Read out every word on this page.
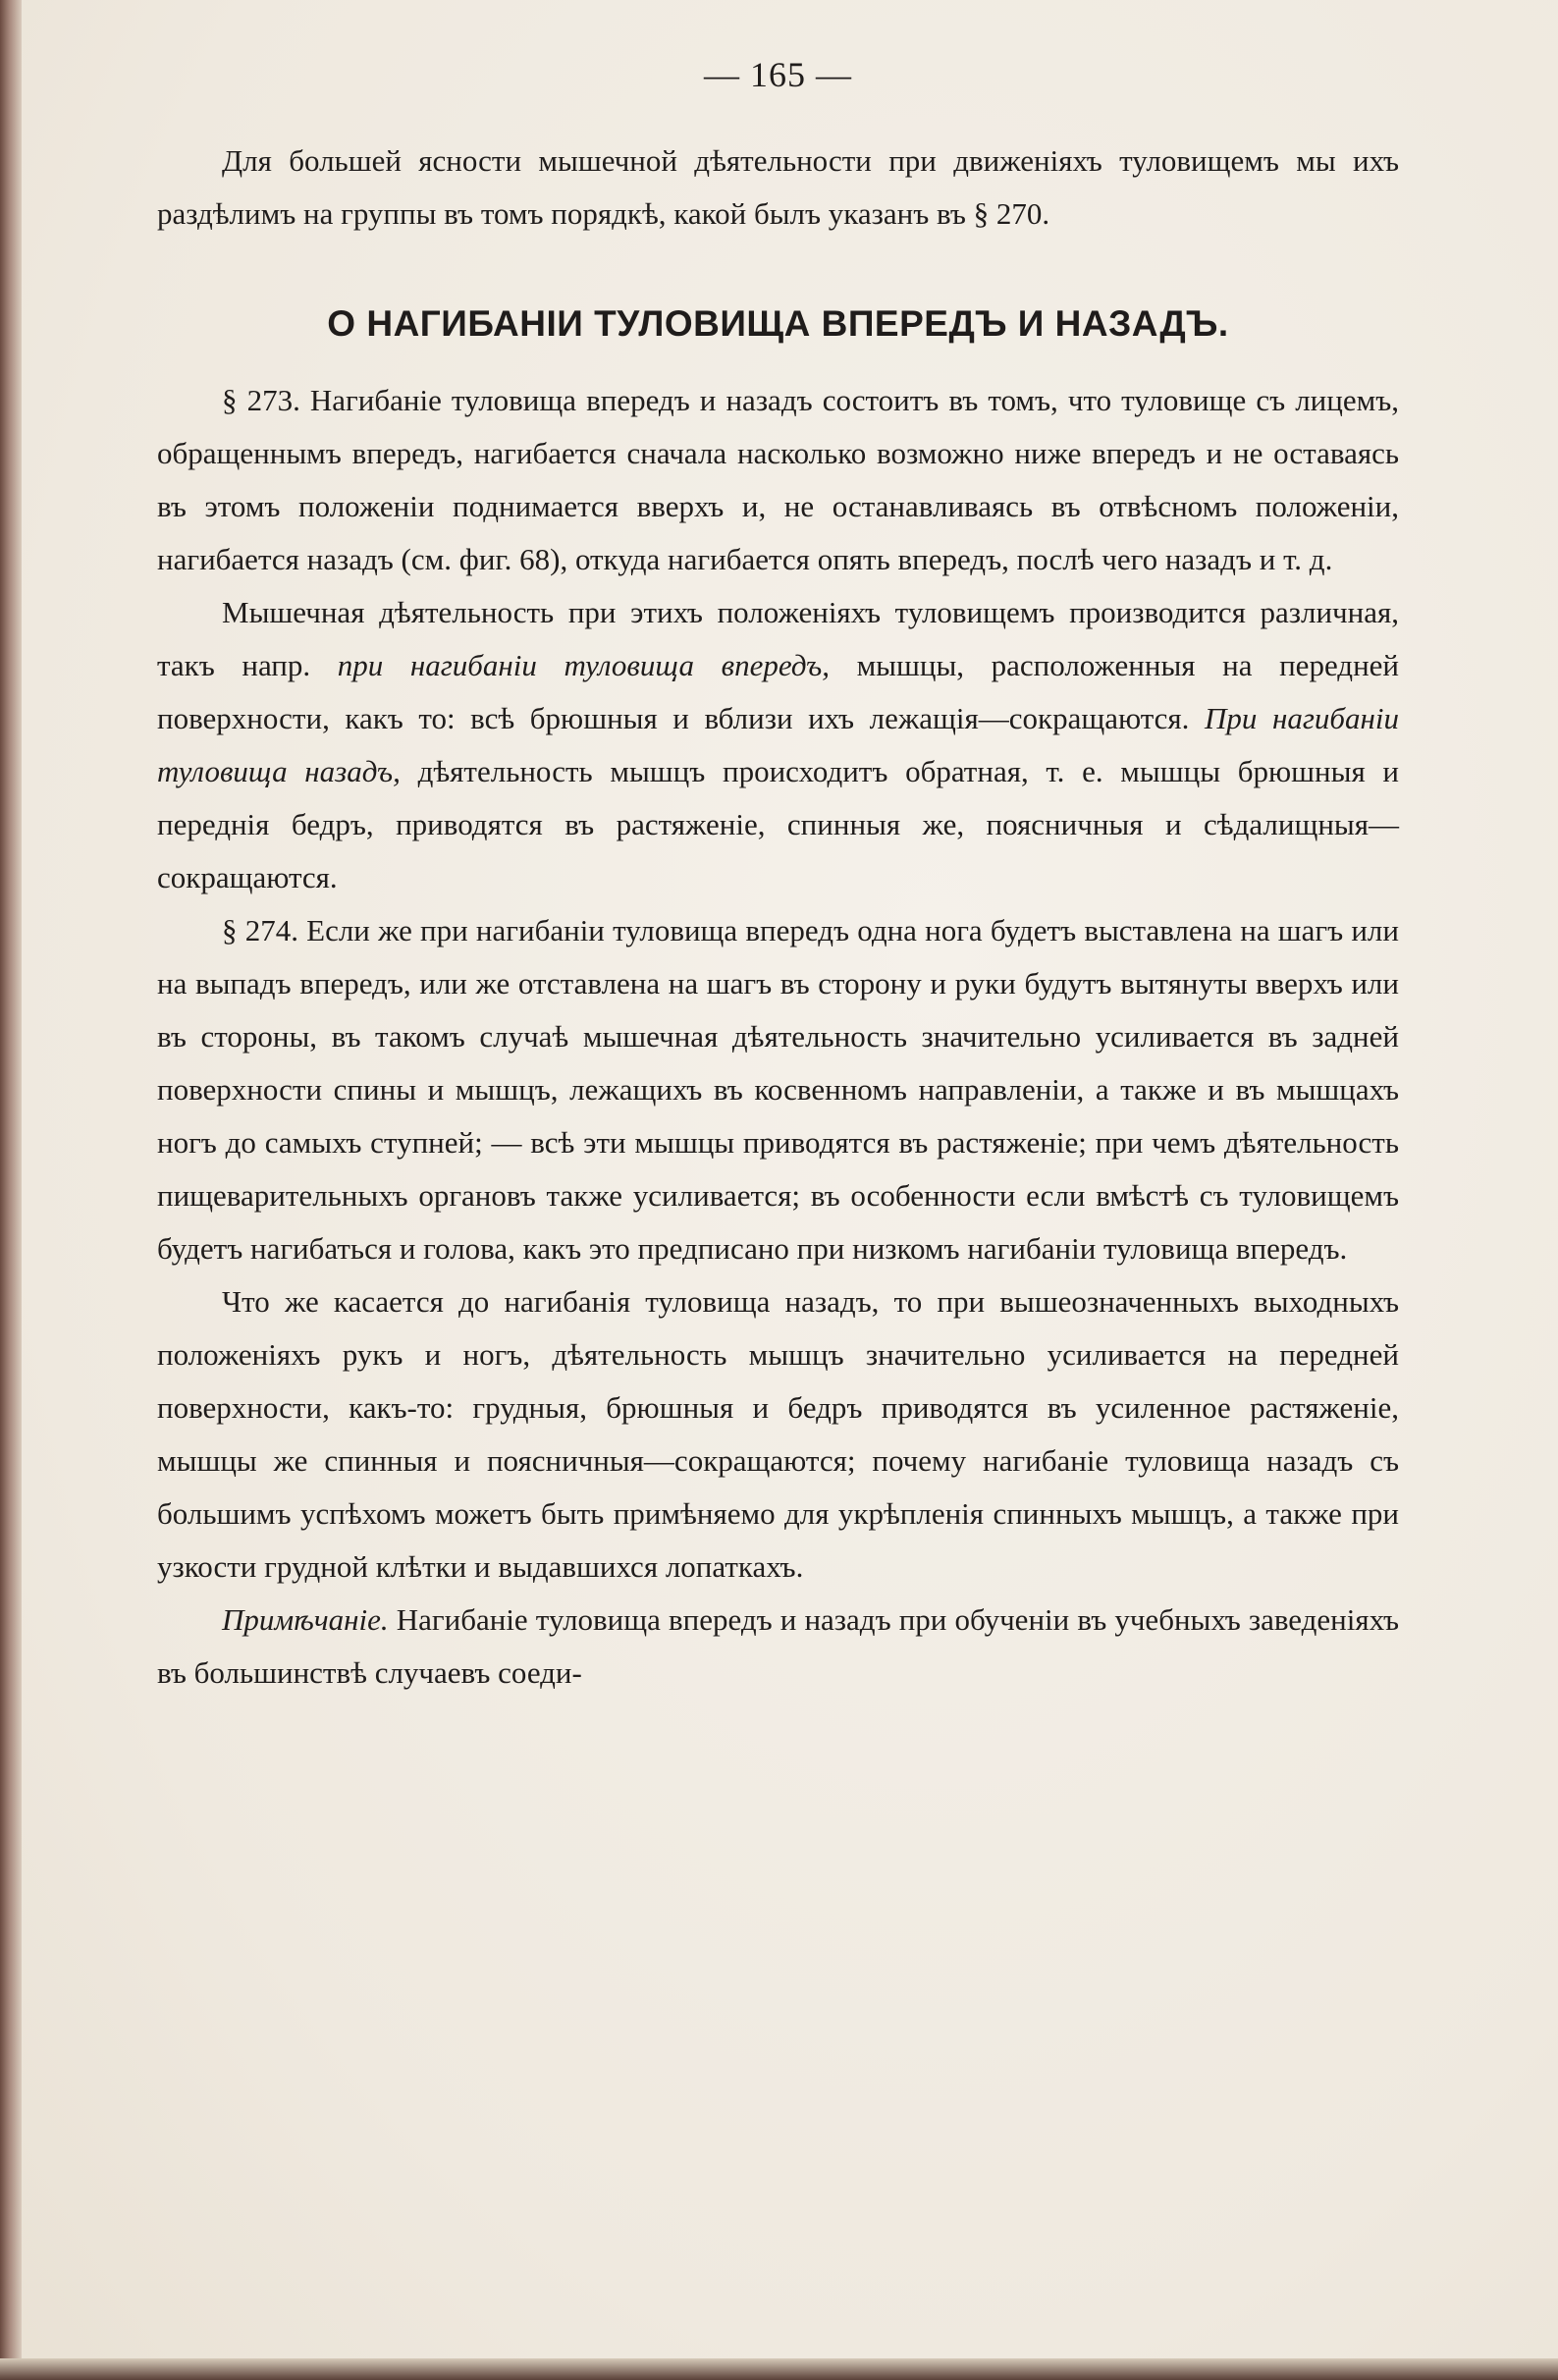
— 165 —

Для большей ясности мышечной дѣятельности при движеніяхъ туловищемъ мы ихъ раздѣлимъ на группы въ томъ порядкѣ, какой былъ указанъ въ § 270.

О НАГИБАНІИ ТУЛОВИЩА ВПЕРЕДЪ И НАЗАДЪ.

§ 273. Нагибаніе туловища впередъ и назадъ состоитъ въ томъ, что туловище съ лицемъ, обращеннымъ впередъ, нагибается сначала насколько возможно ниже впередъ и не оставаясь въ этомъ положеніи поднимается вверхъ и, не останавливаясь въ отвѣсномъ положеніи, нагибается назадъ (см. фиг. 68), откуда нагибается опять впередъ, послѣ чего назадъ и т. д.

Мышечная дѣятельность при этихъ положеніяхъ туловищемъ производится различная, такъ напр. при нагибаніи туловища впередъ, мышцы, расположенныя на передней поверхности, какъ то: всѣ брюшныя и вблизи ихъ лежащія—сокращаются. При нагибаніи туловища назадъ, дѣятельность мышцъ происходитъ обратная, т. е. мышцы брюшныя и переднія бедръ, приводятся въ растяженіе, спинныя же, поясничныя и сѣдалищныя—сокращаются.

§ 274. Если же при нагибаніи туловища впередъ одна нога будетъ выставлена на шагъ или на выпадъ впередъ, или же отставлена на шагъ въ сторону и руки будутъ вытянуты вверхъ или въ стороны, въ такомъ случаѣ мышечная дѣятельность значительно усиливается въ задней поверхности спины и мышцъ, лежащихъ въ косвенномъ направленіи, а также и въ мышцахъ ногъ до самыхъ ступней; — всѣ эти мышцы приводятся въ растяженіе; при чемъ дѣятельность пищеварительныхъ органовъ также усиливается; въ особенности если вмѣстѣ съ туловищемъ будетъ нагибаться и голова, какъ это предписано при низкомъ нагибаніи туловища впередъ.

Что же касается до нагибанія туловища назадъ, то при вышеозначенныхъ выходныхъ положеніяхъ рукъ и ногъ, дѣятельность мышцъ значительно усиливается на передней поверхности, какъ-то: грудныя, брюшныя и бедръ приводятся въ усиленное растяженіе, мышцы же спинныя и поясничныя—сокращаются; почему нагибаніе туловища назадъ съ большимъ успѣхомъ можетъ быть примѣняемо для укрѣпленія спинныхъ мышцъ, а также при узкости грудной клѣтки и выдавшихся лопаткахъ.

Примѣчаніе. Нагибаніе туловища впередъ и назадъ при обученіи въ учебныхъ заведеніяхъ въ большинствѣ случаевъ соеди-
